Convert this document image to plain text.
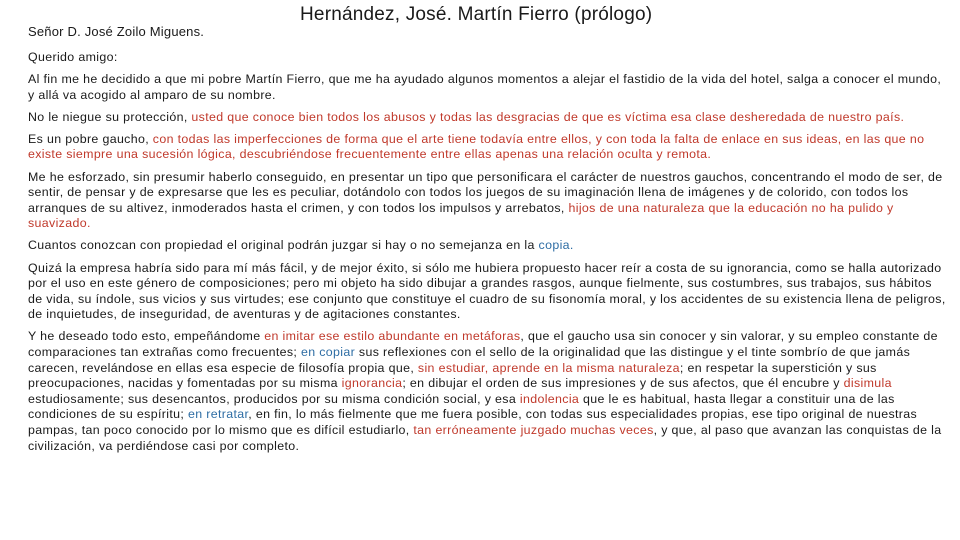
Señor D. José Zoilo Miguens.
Hernández, José. Martín Fierro (prólogo)

Querido amigo:

Al fin me he decidido a que mi pobre Martín Fierro, que me ha ayudado algunos momentos a alejar el fastidio de la vida del hotel, salga a conocer el mundo, y allá va acogido al amparo de su nombre.

No le niegue su protección, usted que conoce bien todos los abusos y todas las desgracias de que es víctima esa clase desheredada de nuestro país.

Es un pobre gaucho, con todas las imperfecciones de forma que el arte tiene todavía entre ellos, y con toda la falta de enlace en sus ideas, en las que no existe siempre una sucesión lógica, descubriéndose frecuentemente entre ellas apenas una relación oculta y remota.

Me he esforzado, sin presumir haberlo conseguido, en presentar un tipo que personificara el carácter de nuestros gauchos, concentrando el modo de ser, de sentir, de pensar y de expresarse que les es peculiar, dotándolo con todos los juegos de su imaginación llena de imágenes y de colorido, con todos los arranques de su altivez, inmoderados hasta el crimen, y con todos los impulsos y arrebatos, hijos de una naturaleza que la educación no ha pulido y suavizado.

Cuantos conozcan con propiedad el original podrán juzgar si hay o no semejanza en la copia.

Quizá la empresa habría sido para mí más fácil, y de mejor éxito, si sólo me hubiera propuesto hacer reír a costa de su ignorancia, como se halla autorizado por el uso en este género de composiciones; pero mi objeto ha sido dibujar a grandes rasgos, aunque fielmente, sus costumbres, sus trabajos, sus hábitos de vida, su índole, sus vicios y sus virtudes; ese conjunto que constituye el cuadro de su fisonomía moral, y los accidentes de su existencia llena de peligros, de inquietudes, de inseguridad, de aventuras y de agitaciones constantes.

Y he deseado todo esto, empeñándome en imitar ese estilo abundante en metáforas, que el gaucho usa sin conocer y sin valorar, y su empleo constante de comparaciones tan extrañas como frecuentes; en copiar sus reflexiones con el sello de la originalidad que las distingue y el tinte sombrío de que jamás carecen, revelándose en ellas esa especie de filosofía propia que, sin estudiar, aprende en la misma naturaleza; en respetar la superstición y sus preocupaciones, nacidas y fomentadas por su misma ignorancia; en dibujar el orden de sus impresiones y de sus afectos, que él encubre y disimula estudiosamente; sus desencantos, producidos por su misma condición social, y esa indolencia que le es habitual, hasta llegar a constituir una de las condiciones de su espíritu; en retratar, en fin, lo más fielmente que me fuera posible, con todas sus especialidades propias, ese tipo original de nuestras pampas, tan poco conocido por lo mismo que es difícil estudiarlo, tan erróneamente juzgado muchas veces, y que, al paso que avanzan las conquistas de la civilización, va perdiéndose casi por completo.
